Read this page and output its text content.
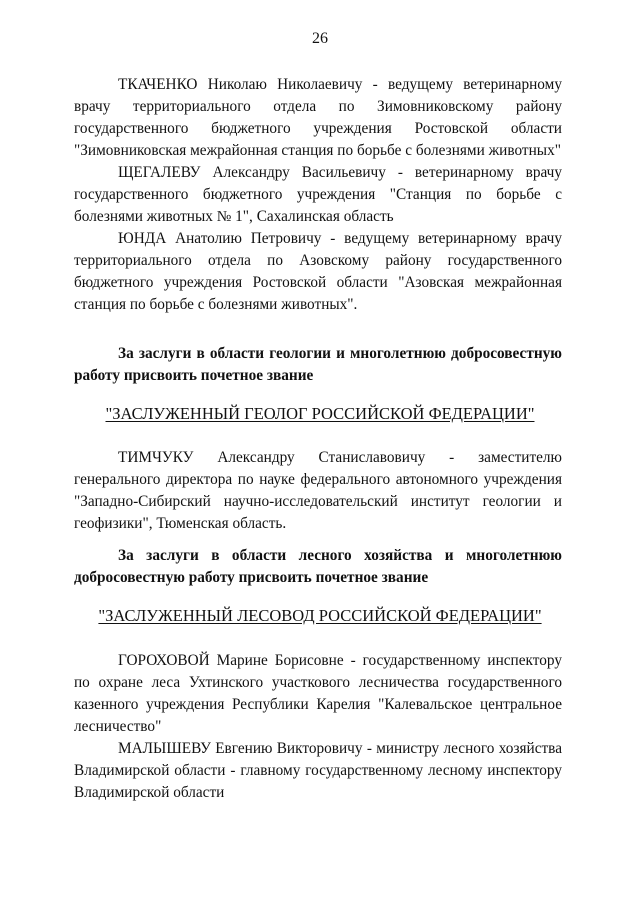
26

ТКАЧЕНКО Николаю Николаевичу - ведущему ветеринарному врачу территориального отдела по Зимовниковскому району государственного бюджетного учреждения Ростовской области "Зимовниковская межрайонная станция по борьбе с болезнями животных"

ЩЕГАЛЕВУ Александру Васильевичу - ветеринарному врачу государственного бюджетного учреждения "Станция по борьбе с болезнями животных № 1", Сахалинская область

ЮНДА Анатолию Петровичу - ведущему ветеринарному врачу территориального отдела по Азовскому району государственного бюджетного учреждения Ростовской области "Азовская межрайонная станция по борьбе с болезнями животных".

За заслуги в области геологии и многолетнюю добросовестную работу присвоить почетное звание

"ЗАСЛУЖЕННЫЙ ГЕОЛОГ РОССИЙСКОЙ ФЕДЕРАЦИИ"

ТИМЧУКУ Александру Станиславовичу - заместителю генерального директора по науке федерального автономного учреждения "Западно-Сибирский научно-исследовательский институт геологии и геофизики", Тюменская область.

За заслуги в области лесного хозяйства и многолетнюю добросовестную работу присвоить почетное звание

"ЗАСЛУЖЕННЫЙ ЛЕСОВОД РОССИЙСКОЙ ФЕДЕРАЦИИ"

ГОРОХОВОЙ Марине Борисовне - государственному инспектору по охране леса Ухтинского участкового лесничества государственного казенного учреждения Республики Карелия "Калевальское центральное лесничество"

МАЛЫШЕВУ Евгению Викторовичу - министру лесного хозяйства Владимирской области - главному государственному лесному инспектору Владимирской области
